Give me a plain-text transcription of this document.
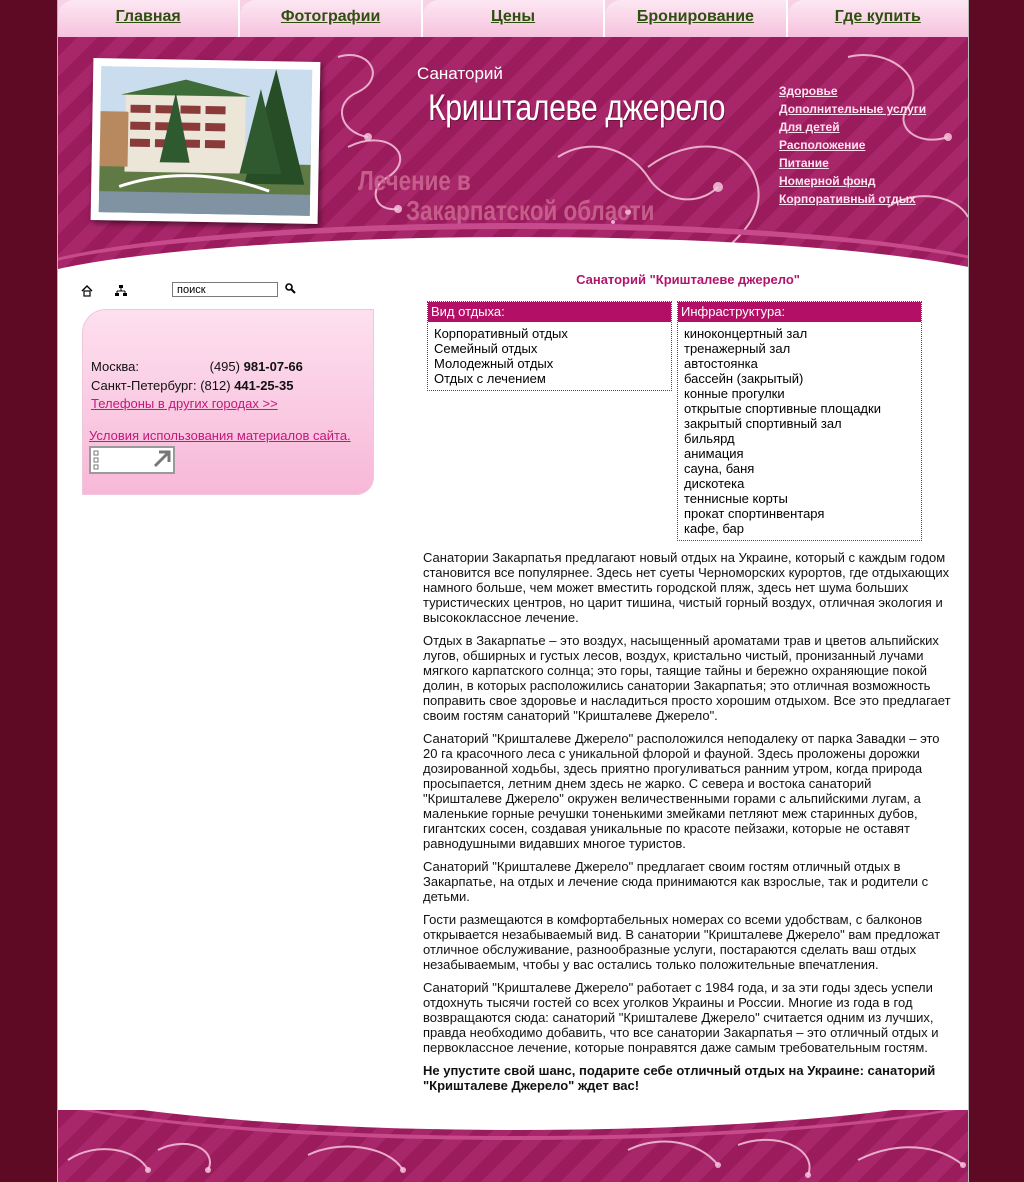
Главная	Фотографии	Цены	Бронирование	Где купить
Санаторий
Кришталеве джерело
Лечение в
Закарпатской области
Здоровье
Дополнительные услуги
Для детей
Расположение
Питание
Номерной фонд
Корпоративный отдых
поиск
Москва:	(495) 981-07-66
Санкт-Петербург: (812) 441-25-35
Телефоны в других городах >>
Условия использования материалов сайта.
Санаторий "Кришталеве джерело"
Вид отдыха:
Корпоративный отдых
Семейный отдых
Молодежный отдых
Отдых с лечением
Инфраструктура:
киноконцертный зал
тренажерный зал
автостоянка
бассейн (закрытый)
конные прогулки
открытые спортивные площадки
закрытый спортивный зал
бильярд
анимация
сауна, баня
дискотека
теннисные корты
прокат спортинвентаря
кафе, бар

Санатории Закарпатья предлагают новый отдых на Украине, который с каждым годом становится все популярнее. Здесь нет суеты Черноморских курортов, где отдыхающих намного больше, чем может вместить городской пляж, здесь нет шума больших туристических центров, но царит тишина, чистый горный воздух, отличная экология и высококлассное лечение.

Отдых в Закарпатье – это воздух, насыщенный ароматами трав и цветов альпийских лугов, обширных и густых лесов, воздух, кристально чистый, пронизанный лучами мягкого карпатского солнца; это горы, таящие тайны и бережно охраняющие покой долин, в которых расположились санатории Закарпатья; это отличная возможность поправить свое здоровье и насладиться просто хорошим отдыхом. Все это предлагает своим гостям санаторий "Кришталеве Джерело".

Санаторий "Кришталеве Джерело" расположился неподалеку от парка Завадки – это 20 га красочного леса с уникальной флорой и фауной. Здесь проложены дорожки дозированной ходьбы, здесь приятно прогуливаться ранним утром, когда природа просыпается, летним днем здесь не жарко. С севера и востока санаторий "Кришталеве Джерело" окружен величественными горами с альпийскими лугам, а маленькие горные речушки тоненькими змейками петляют меж старинных дубов, гигантских сосен, создавая уникальные по красоте пейзажи, которые не оставят равнодушными видавших многое туристов.

Санаторий "Кришталеве Джерело" предлагает своим гостям отличный отдых в Закарпатье, на отдых и лечение сюда принимаются как взрослые, так и родители с детьми.

Гости размещаются в комфортабельных номерах со всеми удобствам, с балконов открывается незабываемый вид. В санатории "Кришталеве Джерело" вам предложат отличное обслуживание, разнообразные услуги, постараются сделать ваш отдых незабываемым, чтобы у вас остались только положительные впечатления.

Санаторий "Кришталеве Джерело" работает с 1984 года, и за эти годы здесь успели отдохнуть тысячи гостей со всех уголков Украины и России. Многие из года в год возвращаются сюда: санаторий "Кришталеве Джерело" считается одним из лучших, правда необходимо добавить, что все санатории Закарпатья – это отличный отдых и первоклассное лечение, которые понравятся даже самым требовательным гостям.

Не упустите свой шанс, подарите себе отличный отдых на Украине: санаторий "Кришталеве Джерело" ждет вас!
